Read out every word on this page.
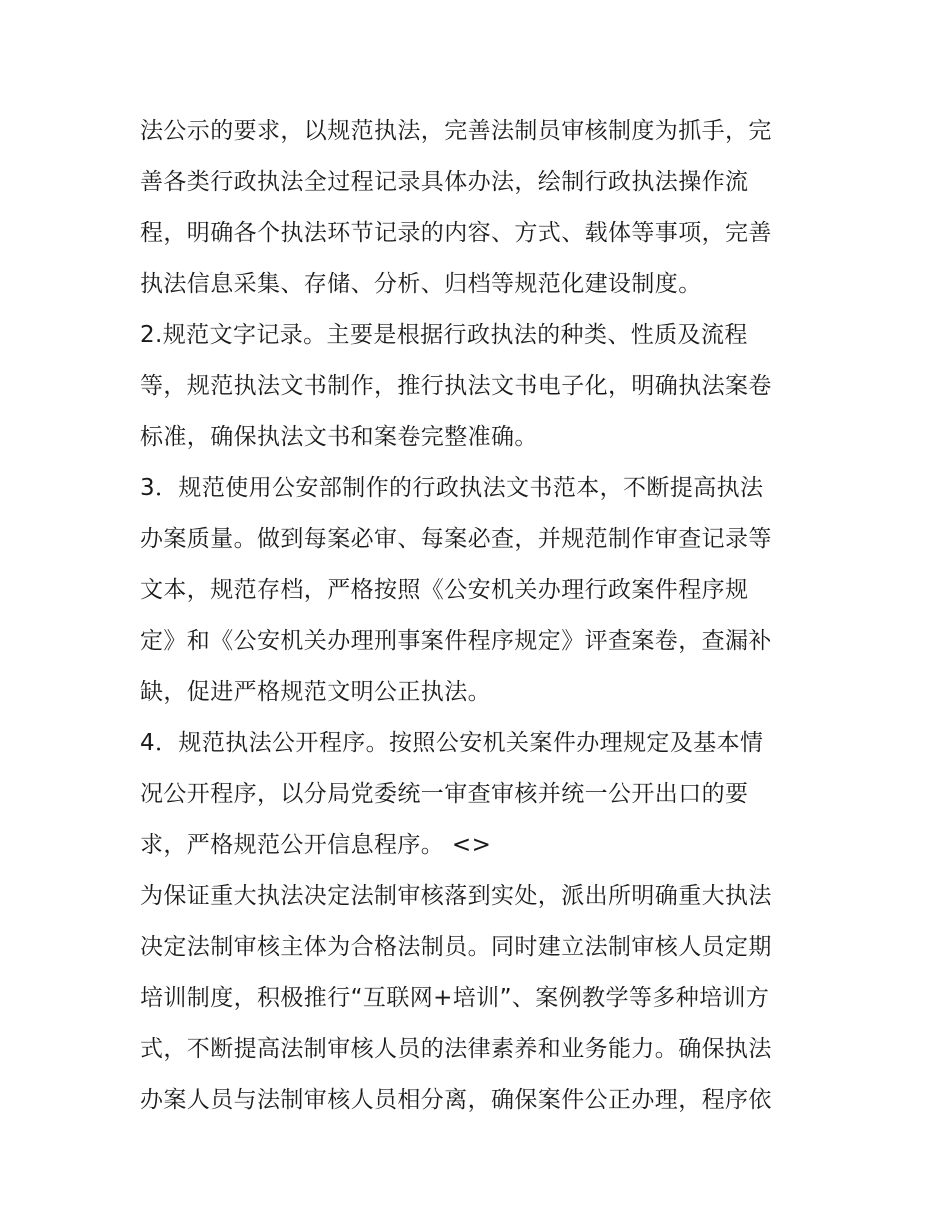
法公示的要求，以规范执法，完善法制员审核制度为抓手，完
善各类行政执法全过程记录具体办法，绘制行政执法操作流
程，明确各个执法环节记录的内容、方式、载体等事项，完善
执法信息采集、存储、分析、归档等规范化建设制度。
2.规范文字记录。主要是根据行政执法的种类、性质及流程
等，规范执法文书制作，推行执法文书电子化，明确执法案卷
标准，确保执法文书和案卷完整准确。
3．规范使用公安部制作的行政执法文书范本，不断提高执法
办案质量。做到每案必审、每案必查，并规范制作审查记录等
文本，规范存档，严格按照《公安机关办理行政案件程序规
定》和《公安机关办理刑事案件程序规定》评查案卷，查漏补
缺，促进严格规范文明公正执法。
4．规范执法公开程序。按照公安机关案件办理规定及基本情
况公开程序，以分局党委统一审查审核并统一公开出口的要
求，严格规范公开信息程序。 <>
为保证重大执法决定法制审核落到实处，派出所明确重大执法
决定法制审核主体为合格法制员。同时建立法制审核人员定期
培训制度，积极推行“互联网+培训”、案例教学等多种培训方
式，不断提高法制审核人员的法律素养和业务能力。确保执法
办案人员与法制审核人员相分离，确保案件公正办理，程序依
